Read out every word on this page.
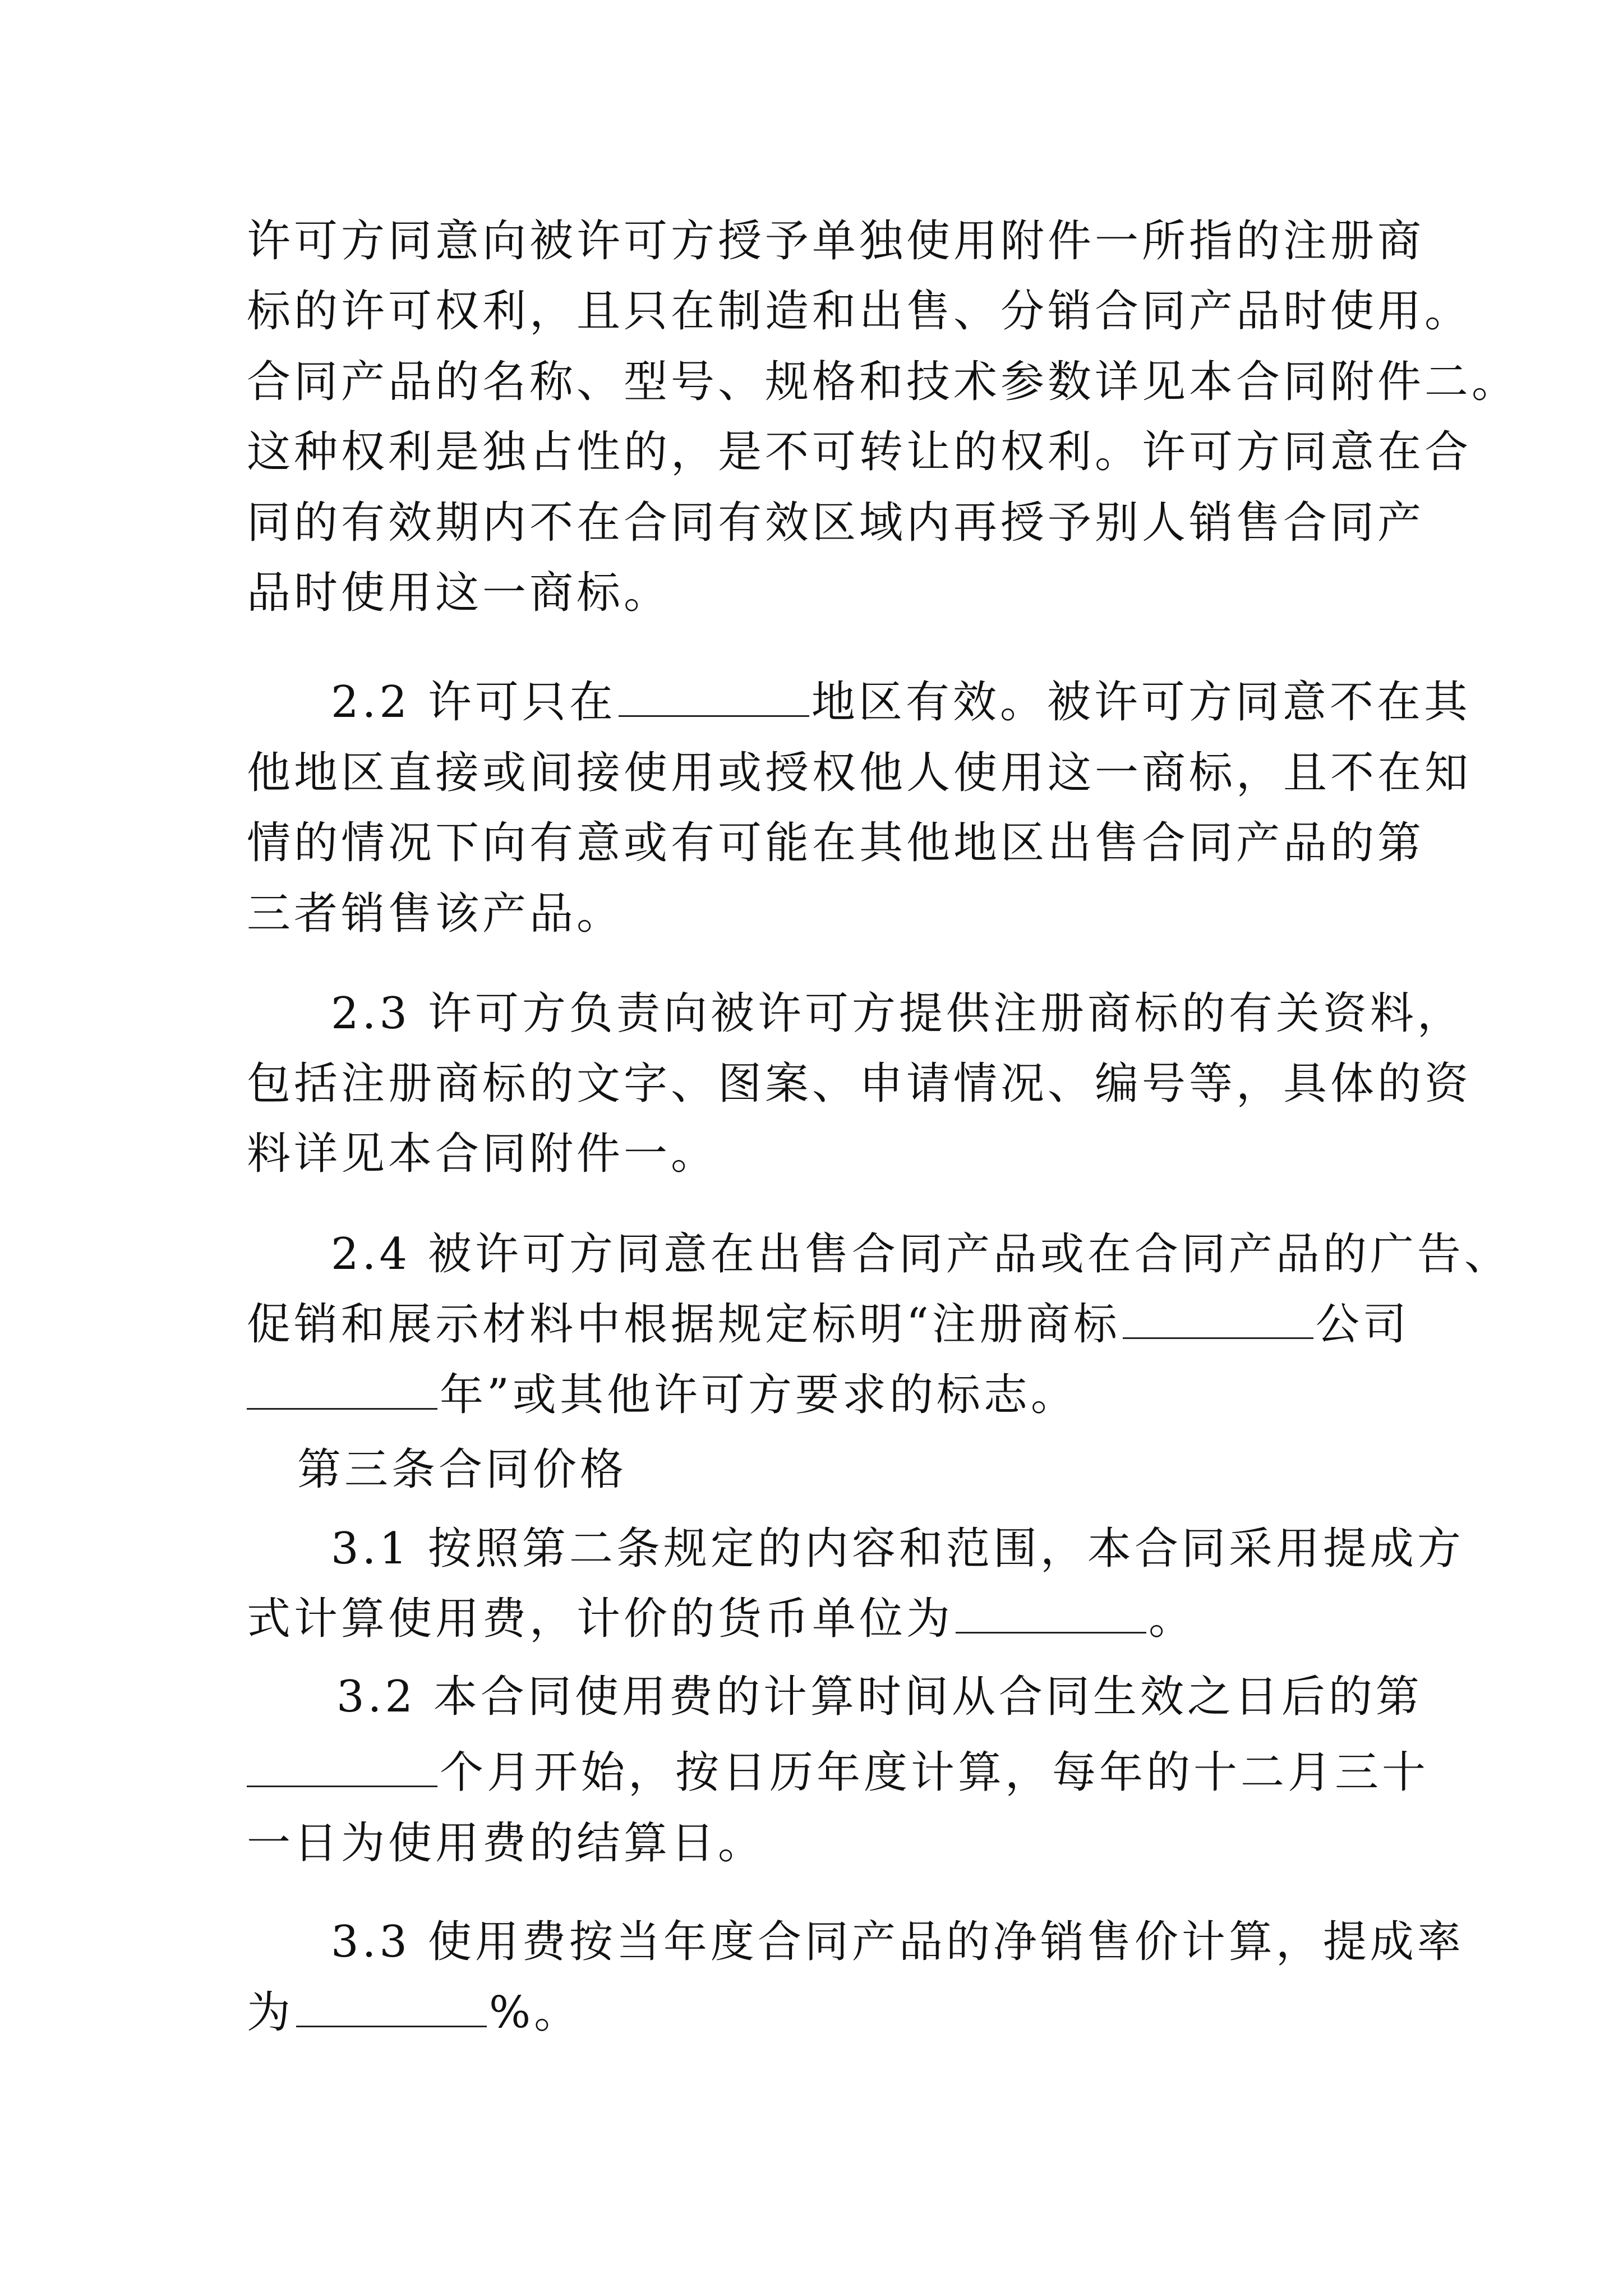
许可方同意向被许可方授予单独使用附件一所指的注册商
标的许可权利，且只在制造和出售、分销合同产品时使用。
合同产品的名称、型号、规格和技术参数详见本合同附件二。
这种权利是独占性的，是不可转让的权利。许可方同意在合
同的有效期内不在合同有效区域内再授予别人销售合同产
品时使用这一商标。
2.2 许可只在	地区有效。被许可方同意不在其
他地区直接或间接使用或授权他人使用这一商标，且不在知
情的情况下向有意或有可能在其他地区出售合同产品的第
三者销售该产品。
2.3 许可方负责向被许可方提供注册商标的有关资料，
包括注册商标的文字、图案、申请情况、编号等，具体的资
料详见本合同附件一。
2.4 被许可方同意在出售合同产品或在合同产品的广告、
促销和展示材料中根据规定标明“注册商标	公司
年”或其他许可方要求的标志。
第三条合同价格
3.1 按照第二条规定的内容和范围，本合同采用提成方
式计算使用费，计价的货币单位为	。
3.2 本合同使用费的计算时间从合同生效之日后的第
个月开始，按日历年度计算，每年的十二月三十
一日为使用费的结算日。
3.3 使用费按当年度合同产品的净销售价计算，提成率
为	%。
